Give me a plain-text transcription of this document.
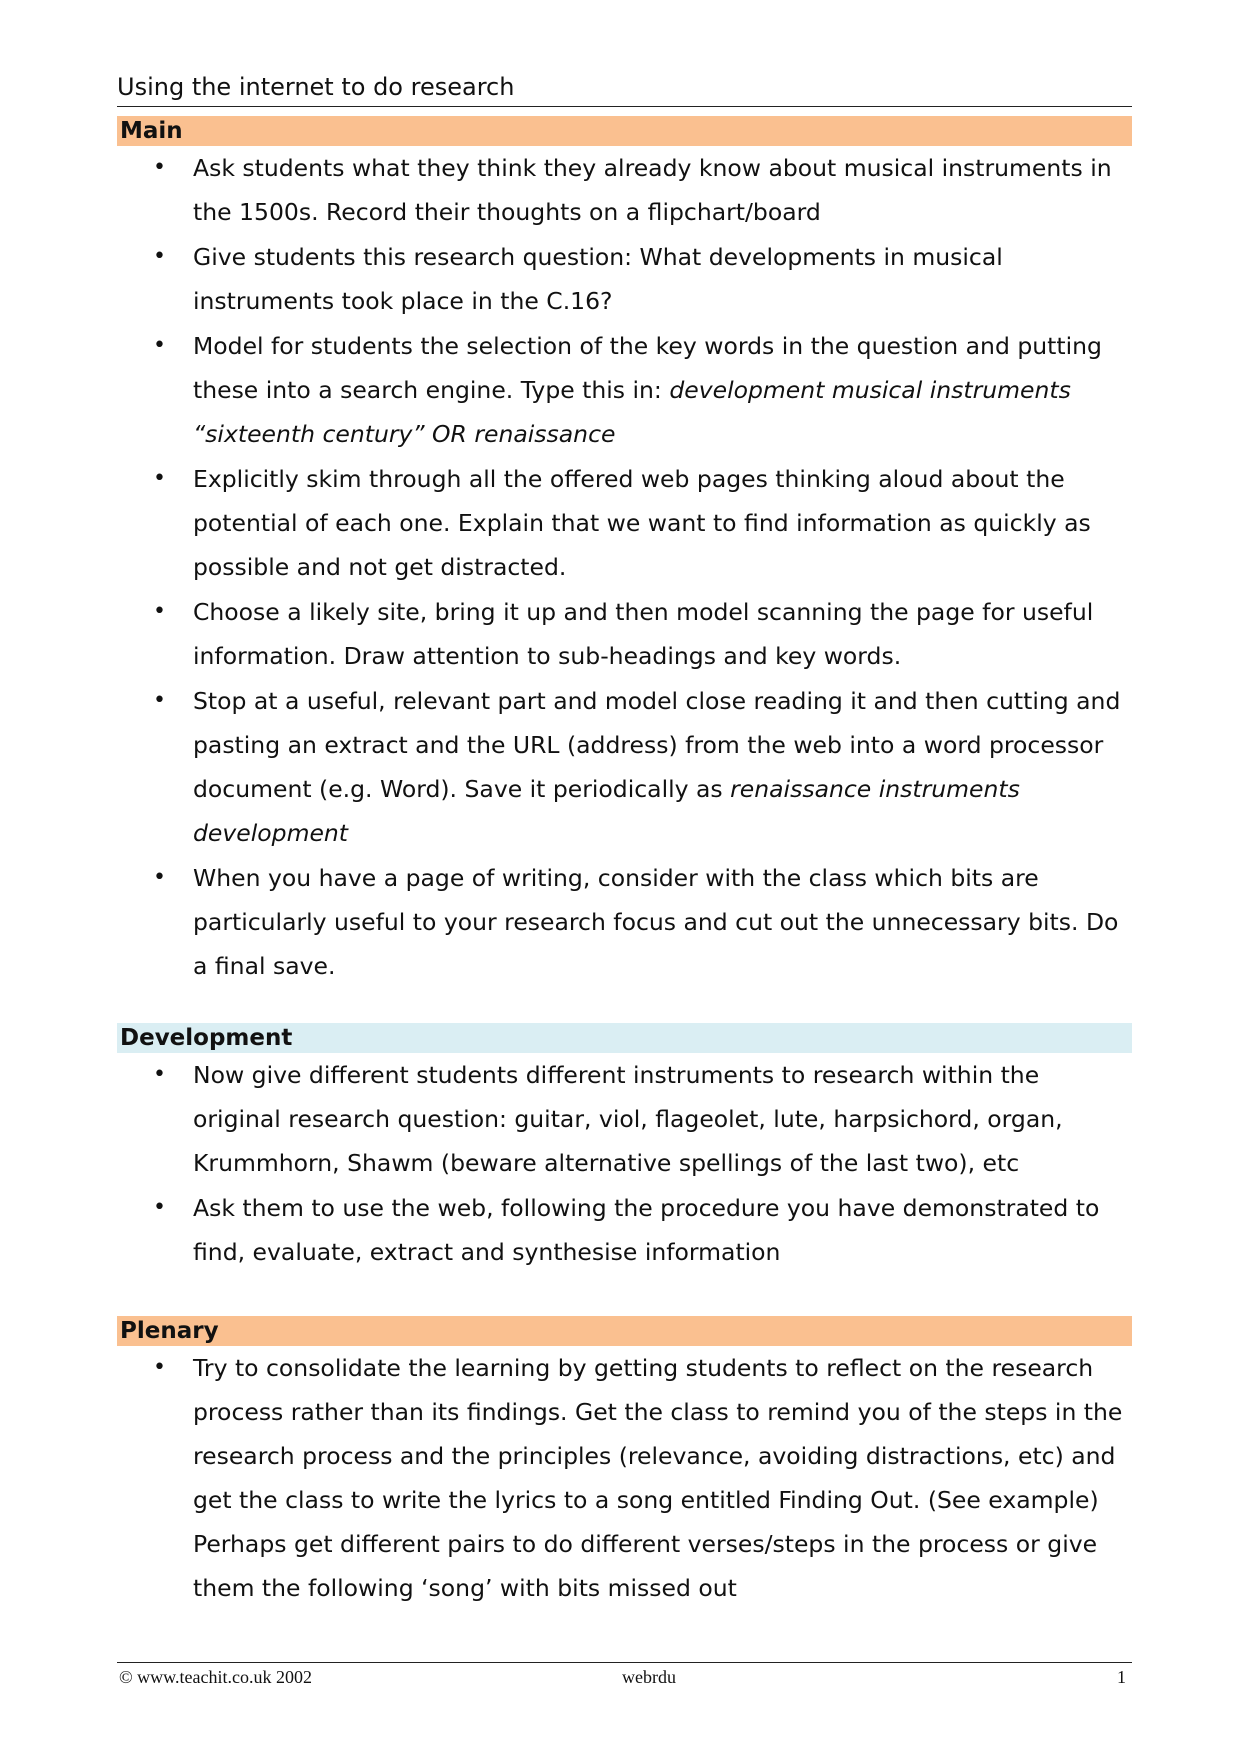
Using the internet to do research
Main
• Ask students what they think they already know about musical instruments in the 1500s. Record their thoughts on a flipchart/board
• Give students this research question: What developments in musical instruments took place in the C.16?
• Model for students the selection of the key words in the question and putting these into a search engine. Type this in: development musical instruments “sixteenth century” OR renaissance
• Explicitly skim through all the offered web pages thinking aloud about the potential of each one. Explain that we want to find information as quickly as possible and not get distracted.
• Choose a likely site, bring it up and then model scanning the page for useful information. Draw attention to sub-headings and key words.
• Stop at a useful, relevant part and model close reading it and then cutting and pasting an extract and the URL (address) from the web into a word processor document (e.g. Word). Save it periodically as renaissance instruments development
• When you have a page of writing, consider with the class which bits are particularly useful to your research focus and cut out the unnecessary bits. Do a final save.
Development
• Now give different students different instruments to research within the original research question: guitar, viol, flageolet, lute, harpsichord, organ, Krummhorn, Shawm (beware alternative spellings of the last two), etc
• Ask them to use the web, following the procedure you have demonstrated to find, evaluate, extract and synthesise information
Plenary
• Try to consolidate the learning by getting students to reflect on the research process rather than its findings. Get the class to remind you of the steps in the research process and the principles (relevance, avoiding distractions, etc) and get the class to write the lyrics to a song entitled Finding Out. (See example) Perhaps get different pairs to do different verses/steps in the process or give them the following ‘song’ with bits missed out
© www.teachit.co.uk 2002	webrdu	1
